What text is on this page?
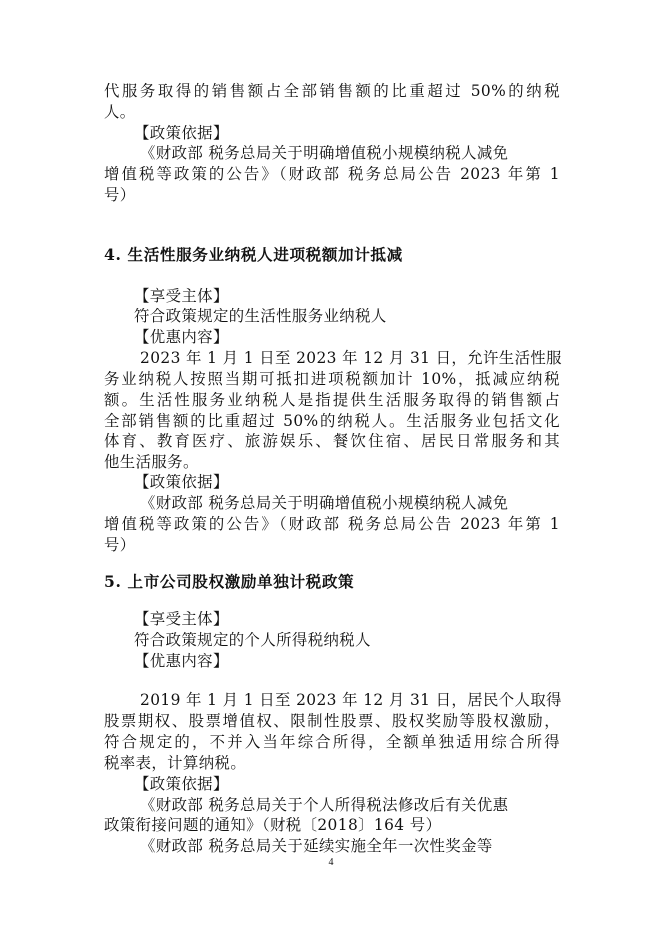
代服务取得的销售额占全部销售额的比重超过 50%的纳税
人。
【政策依据】
《财政部 税务总局关于明确增值税小规模纳税人减免
增值税等政策的公告》（财政部 税务总局公告 2023 年第 1
号）
4. 生活性服务业纳税人进项税额加计抵减
【享受主体】
符合政策规定的生活性服务业纳税人
【优惠内容】
2023 年 1 月 1 日至 2023 年 12 月 31 日，允许生活性服
务业纳税人按照当期可抵扣进项税额加计 10%，抵减应纳税
额。生活性服务业纳税人是指提供生活服务取得的销售额占
全部销售额的比重超过 50%的纳税人。生活服务业包括文化
体育、教育医疗、旅游娱乐、餐饮住宿、居民日常服务和其
他生活服务。
【政策依据】
《财政部 税务总局关于明确增值税小规模纳税人减免
增值税等政策的公告》（财政部 税务总局公告 2023 年第 1
号）
5. 上市公司股权激励单独计税政策
【享受主体】
符合政策规定的个人所得税纳税人
【优惠内容】
2019 年 1 月 1 日至 2023 年 12 月 31 日，居民个人取得
股票期权、股票增值权、限制性股票、股权奖励等股权激励，
符合规定的，不并入当年综合所得，全额单独适用综合所得
税率表，计算纳税。
【政策依据】
《财政部 税务总局关于个人所得税法修改后有关优惠
政策衔接问题的通知》（财税〔2018〕164 号）
《财政部 税务总局关于延续实施全年一次性奖金等
4
